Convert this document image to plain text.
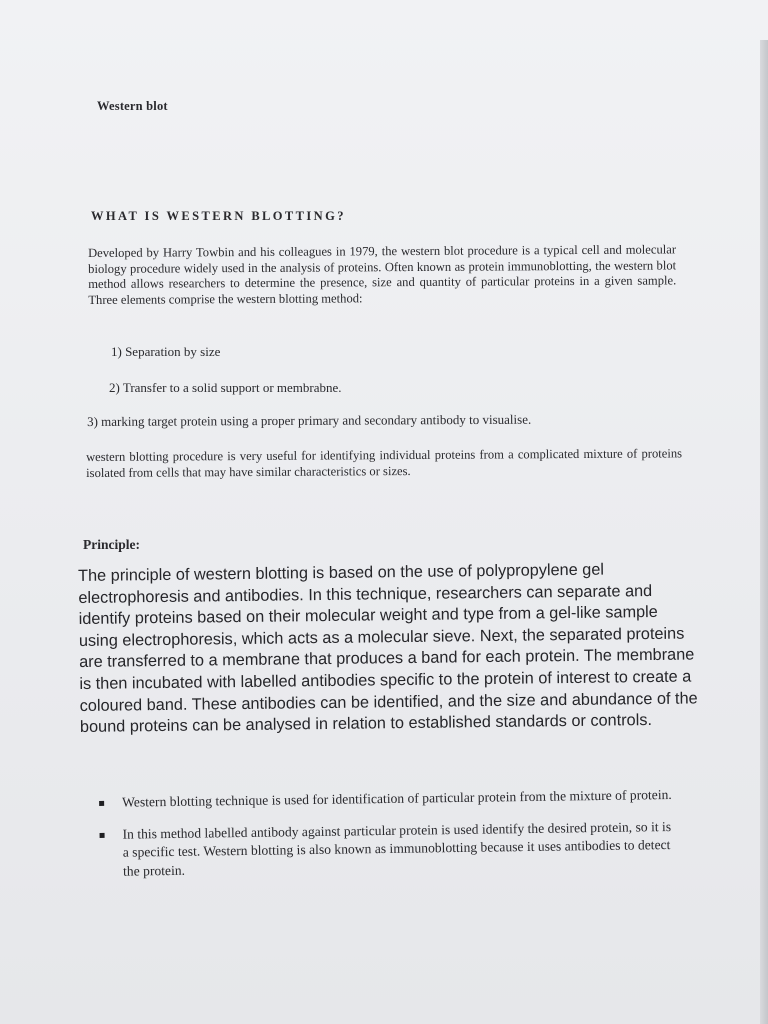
Western blot
WHAT IS WESTERN BLOTTING?

Developed by Harry Towbin and his colleagues in 1979, the western blot procedure is a typical cell and molecular biology procedure widely used in the analysis of proteins. Often known as protein immunoblotting, the western blot method allows researchers to determine the presence, size and quantity of particular proteins in a given sample. Three elements comprise the western blotting method:

1) Separation by size
2) Transfer to a solid support or membrabne.
3) marking target protein using a proper primary and secondary antibody to visualise.

western blotting procedure is very useful for identifying individual proteins from a complicated mixture of proteins isolated from cells that may have similar characteristics or sizes.

Principle:

The principle of western blotting is based on the use of polypropylene gel electrophoresis and antibodies. In this technique, researchers can separate and identify proteins based on their molecular weight and type from a gel-like sample using electrophoresis, which acts as a molecular sieve. Next, the separated proteins are transferred to a membrane that produces a band for each protein. The membrane is then incubated with labelled antibodies specific to the protein of interest to create a coloured band. These antibodies can be identified, and the size and abundance of the bound proteins can be analysed in relation to established standards or controls.

Western blotting technique is used for identification of particular protein from the mixture of protein.
In this method labelled antibody against particular protein is used identify the desired protein, so it is a specific test. Western blotting is also known as immunoblotting because it uses antibodies to detect the protein.
